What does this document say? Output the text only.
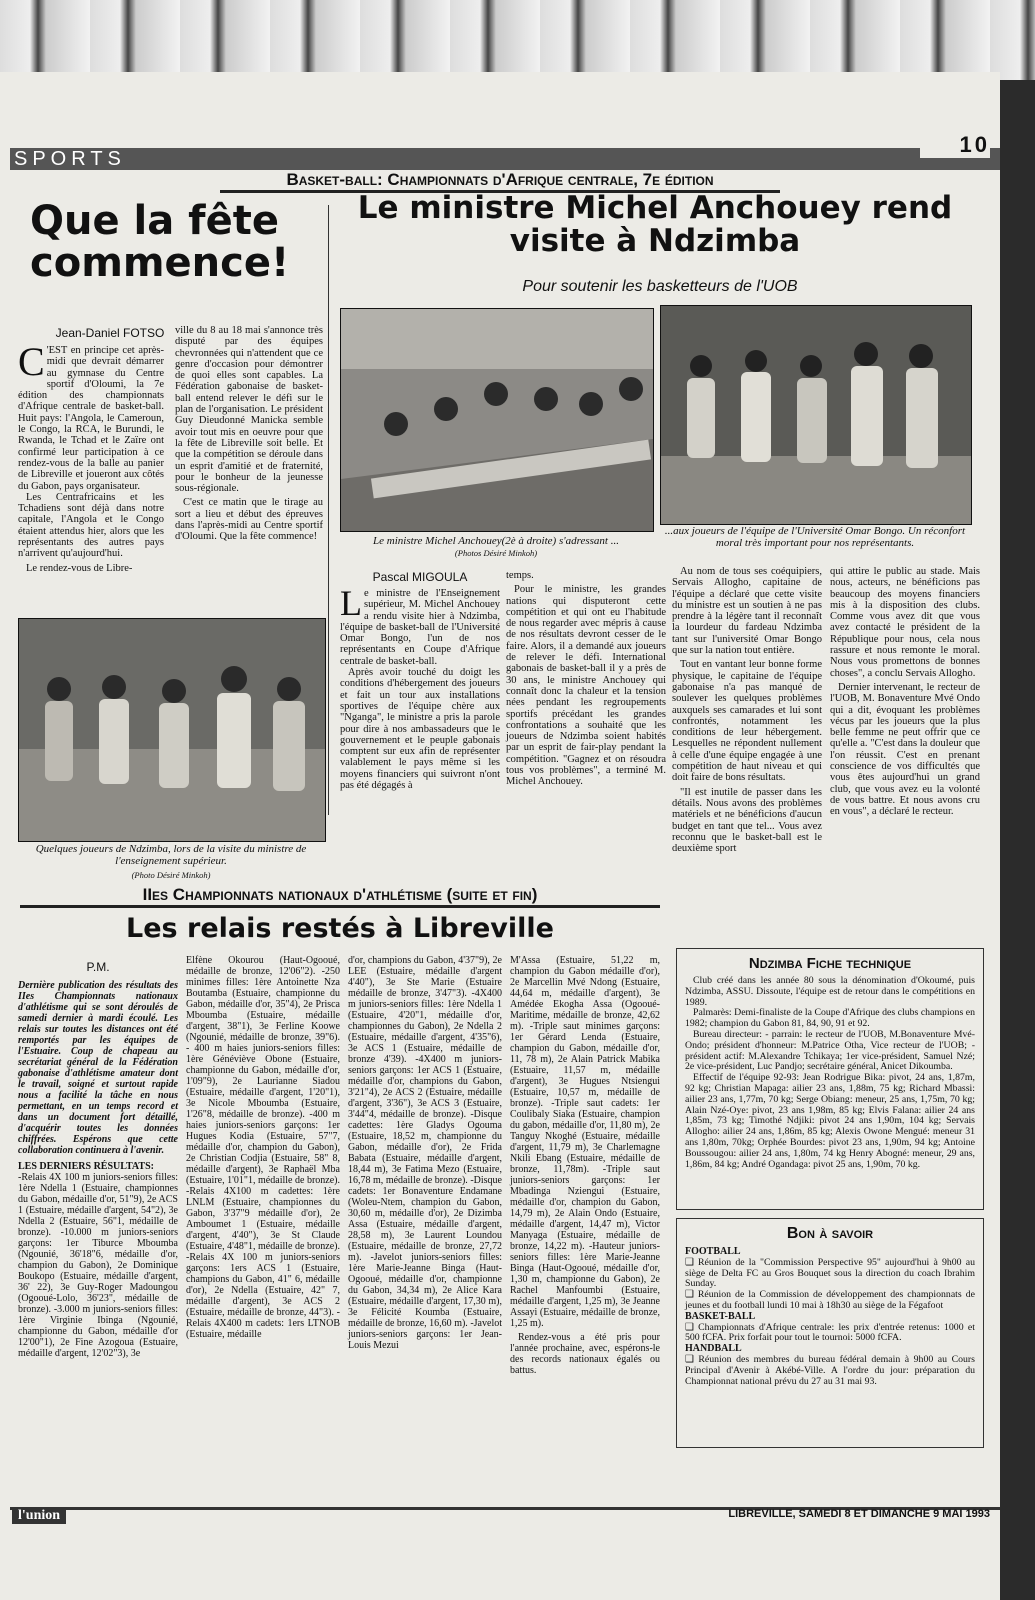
SPORTS
10
Basket-ball: Championnats d'Afrique centrale, 7e édition
Que la fête commence!
Jean-Daniel FOTSO
C 'EST en principe cet après-midi que devrait démarrer au gymnase du Centre sportif d'Oloumi, la 7e édition des championnats d'Afrique centrale de basket-ball. Huit pays: l'Angola, le Cameroun, le Congo, la RCA, le Burundi, le Rwanda, le Tchad et le Zaïre ont confirmé leur participation à ce rendez-vous de la balle au panier de Libreville et joueront aux côtés du Gabon, pays organisateur.

Les Centrafricains et les Tchadiens sont déjà dans notre capitale, l'Angola et le Congo étaient attendus hier, alors que les représentants des autres pays n'arrivent qu'aujourd'hui.

Le rendez-vous de Libre-

ville du 8 au 18 mai s'annonce très disputé par des équipes chevronnées qui n'attendent que ce genre d'occasion pour démontrer de quoi elles sont capables. La Fédération gabonaise de basket-ball entend relever le défi sur le plan de l'organisation. Le président Guy Dieudonné Manicka semble avoir tout mis en oeuvre pour que la fête de Libreville soit belle. Et que la compétition se déroule dans un esprit d'amitié et de fraternité, pour le bonheur de la jeunesse sous-régionale.

C'est ce matin que le tirage au sort a lieu et début des épreuves dans l'après-midi au Centre sportif d'Oloumi. Que la fête commence!

Quelques joueurs de Ndzimba, lors de la visite du ministre de l'enseignement supérieur.
(Photo Désiré Minkoh)
Le ministre Michel Anchouey rend visite à Ndzimba
Pour soutenir les basketteurs de l'UOB
Le ministre Michel Anchouey(2è à droite) s'adressant ...
(Photos Désiré Minkoh)
...aux joueurs de l'équipe de l'Université Omar Bongo. Un réconfort moral très important pour nos représentants.
Pascal MIGOULA
L e ministre de l'Enseignement supérieur, M. Michel Anchouey a rendu visite hier à Ndzimba, l'équipe de basket-ball de l'Université Omar Bongo, l'un de nos représentants en Coupe d'Afrique centrale de basket-ball.

Après avoir touché du doigt les conditions d'hébergement des joueurs et fait un tour aux installations sportives de l'équipe chère aux "Nganga", le ministre a pris la parole pour dire à nos ambassadeurs que le gouvernement et le peuple gabonais comptent sur eux afin de représenter valablement le pays même si les moyens financiers qui suivront n'ont pas été dégagés à

temps.

Pour le ministre, les grandes nations qui disputeront cette compétition et qui ont eu l'habitude de nous regarder avec mépris à cause de nos résultats devront cesser de le faire. Alors, il a demandé aux joueurs de relever le défi. International gabonais de basket-ball il y a près de 30 ans, le ministre Anchouey qui connaît donc la chaleur et la tension nées pendant les regroupements sportifs précédant les grandes confrontations a souhaité que les joueurs de Ndzimba soient habités par un esprit de fair-play pendant la compétition. "Gagnez et on résoudra tous vos problèmes", a terminé M. Michel Anchouey.

Au nom de tous ses coéquipiers, Servais Allogho, capitaine de l'équipe a déclaré que cette visite du ministre est un soutien à ne pas prendre à la légère tant il reconnaît la lourdeur du fardeau Ndzimba tant sur l'université Omar Bongo que sur la nation tout entière.

Tout en vantant leur bonne forme physique, le capitaine de l'équipe gabonaise n'a pas manqué de soulever les quelques problèmes auxquels ses camarades et lui sont confrontés, notamment les conditions de leur hébergement. Lesquelles ne répondent nullement à celle d'une équipe engagée à une compétition de haut niveau et qui doit faire de bons résultats.

"Il est inutile de passer dans les détails. Nous avons des problèmes matériels et ne bénéficions d'aucun budget en tant que tel... Vous avez reconnu que le basket-ball est le deuxième sport

qui attire le public au stade. Mais nous, acteurs, ne bénéficions pas beaucoup des moyens financiers mis à la disposition des clubs. Comme vous avez dit que vous avez contacté le président de la République pour nous, cela nous rassure et nous remonte le moral. Nous vous promettons de bonnes choses", a conclu Servais Allogho.

Dernier intervenant, le recteur de l'UOB, M. Bonaventure Mvé Ondo qui a dit, évoquant les problèmes vécus par les joueurs que la plus belle femme ne peut offrir que ce qu'elle a. "C'est dans la douleur que l'on réussit. C'est en prenant conscience de vos difficultés que vous êtes aujourd'hui un grand club, que vous avez eu la volonté de vous battre. Et nous avons cru en vous", a déclaré le recteur.

IIes Championnats nationaux d'athlétisme (suite et fin)
Les relais restés à Libreville
P.M.
Dernière publication des résultats des IIes Championnats nationaux d'athlétisme qui se sont déroulés de samedi dernier à mardi écoulé. Les relais sur toutes les distances ont été remportés par les équipes de l'Estuaire. Coup de chapeau au secrétariat général de la Fédération gabonaise d'athlétisme amateur dont le travail, soigné et surtout rapide nous a facilité la tâche en nous permettant, en un temps record et dans un document fort détaillé, d'acquérir toutes les données chiffrées. Espérons que cette collaboration continuera à l'avenir.
LES DERNIERS RÉSULTATS:
-Relais 4X 100 m juniors-seniors filles: 1ère Ndella 1 (Estuaire, championnes du Gabon, médaille d'or, 51"9), 2e ACS 1 (Estuaire, médaille d'argent, 54"2), 3e Ndella 2 (Estuaire, 56"1, médaille de bronze). -10.000 m juniors-seniors garçons: 1er Tiburce Mboumba (Ngounié, 36'18"6, médaille d'or, champion du Gabon), 2e Dominique Boukopo (Estuaire, médaille d'argent, 36' 22), 3e Guy-Roger Madoungou (Ogooué-Lolo, 36'23", médaille de bronze). -3.000 m juniors-seniors filles: 1ère Virginie Ibinga (Ngounié, championne du Gabon, médaille d'or 12'00"1), 2e Fine Azogoua (Estuaire, médaille d'argent, 12'02"3), 3e
Elfène Okourou (Haut-Ogooué, médaille de bronze, 12'06"2). -250 minimes filles: 1ère Antoinette Nza Boutamba (Estuaire, championne du Gabon, médaille d'or, 35"4), 2e Prisca Mboumba (Estuaire, médaille d'argent, 38"1), 3e Ferline Koowe (Ngounié, médaille de bronze, 39"6). - 400 m haies juniors-seniors filles: 1ère Généviève Obone (Estuaire, championne du Gabon, médaille d'or, 1'09"9), 2e Laurianne Siadou (Estuaire, médaille d'argent, 1'20"1), 3e Nicole Mboumba (Estuaire, 1'26"8, médaille de bronze). -400 m haies juniors-seniors garçons: 1er Hugues Kodia (Estuaire, 57"7, médaille d'or, champion du Gabon), 2e Christian Codjia (Estuaire, 58" 8, médaille d'argent), 3e Raphaël Mba (Estuaire, 1'01"1, médaille de bronze). -Relais 4X100 m cadettes: 1ère LNLM (Estuaire, championnes du Gabon, 3'37"9 médaille d'or), 2e Amboumet 1 (Estuaire, médaille d'argent, 4'40"), 3e St Claude (Estuaire, 4'48"1, médaille de bronze). -Relais 4X 100 m juniors-seniors garçons: 1ers ACS 1 (Estuaire, champions du Gabon, 41" 6, médaille d'or), 2e Ndella (Estuaire, 42" 7, médaille d'argent), 3e ACS 2 (Estuaire, médaille de bronze, 44"3). -Relais 4X400 m cadets: 1ers LTNOB (Estuaire, médaille
d'or, champions du Gabon, 4'37"9), 2e LEE (Estuaire, médaille d'argent 4'40"), 3e Ste Marie (Estuaire médaille de bronze, 3'47"3). -4X400 m juniors-seniors filles: 1ère Ndella 1 (Estuaire, 4'20"1, médaille d'or, championnes du Gabon), 2e Ndella 2 (Estuaire, médaille d'argent, 4'35"6), 3e ACS 1 (Estuaire, médaille de bronze 4'39). -4X400 m juniors-seniors garçons: 1er ACS 1 (Estuaire, médaille d'or, champions du Gabon, 3'21"4), 2e ACS 2 (Estuaire, médaille d'argent, 3'36"), 3e ACS 3 (Estuaire, 3'44"4, médaille de bronze). -Disque cadettes: 1ère Gladys Ogouma (Estuaire, 18,52 m, championne du Gabon, médaille d'or), 2e Frida Babata (Estuaire, médaille d'argent, 18,44 m), 3e Fatima Mezo (Estuaire, 16,78 m, médaille de bronze). -Disque cadets: 1er Bonaventure Endamane (Woleu-Ntem, champion du Gabon, 30,60 m, médaille d'or), 2e Dizimba Assa (Estuaire, médaille d'argent, 28,58 m), 3e Laurent Loundou (Estuaire, médaille de bronze, 27,72 m). -Javelot juniors-seniors filles: 1ère Marie-Jeanne Binga (Haut-Ogooué, médaille d'or, championne du Gabon, 34,34 m), 2e Alice Kara (Estuaire, médaille d'argent, 17,30 m), 3e Félicité Koumba (Estuaire, médaille de bronze, 16,60 m). -Javelot juniors-seniors garçons: 1er Jean-Louis Mezui
M'Assa (Estuaire, 51,22 m, champion du Gabon médaille d'or), 2e Marcellin Mvé Ndong (Estuaire, 44,64 m, médaille d'argent), 3e Amédée Ekogha Assa (Ogooué-Maritime, médaille de bronze, 42,62 m). -Triple saut minimes garçons: 1er Gérard Lenda (Estuaire, champion du Gabon, médaille d'or, 11, 78 m), 2e Alain Patrick Mabika (Estuaire, 11,57 m, médaille d'argent), 3e Hugues Ntsiengui (Estuaire, 10,57 m, médaille de bronze). -Triple saut cadets: 1er Coulibaly Siaka (Estuaire, champion du gabon, médaille d'or, 11,80 m), 2e Tanguy Nkoghé (Estuaire, médaille d'argent, 11,79 m), 3e Charlemagne Nkili Ebang (Estuaire, médaille de bronze, 11,78m). -Triple saut juniors-seniors garçons: 1er Mbadinga Nziengui (Estuaire, médaille d'or, champion du Gabon, 14,79 m), 2e Alain Ondo (Estuaire, médaille d'argent, 14,47 m), Victor Manyaga (Estuaire, médaille de bronze, 14,22 m). -Hauteur juniors-seniors filles: 1ère Marie-Jeanne Binga (Haut-Ogooué, médaille d'or, 1,30 m, championne du Gabon), 2e Rachel Manfoumbi (Estuaire, médaille d'argent, 1,25 m), 3e Jeanne Assayi (Estuaire, médaille de bronze, 1,25 m).
Rendez-vous a été pris pour l'année prochaine, avec, espérons-le des records nationaux égalés ou battus.
Ndzimba Fiche technique

Club créé dans les année 80 sous la dénomination d'Okoumé, puis Ndzimba, ASSU. Dissoute, l'équipe est de retour dans le compétitions en 1989.

Palmarès: Demi-finaliste de la Coupe d'Afrique des clubs champions en 1982; champion du Gabon 81, 84, 90, 91 et 92.

Bureau directeur: - parrain: le recteur de l'UOB, M.Bonaventure Mvé-Ondo; président d'honneur: M.Patrice Otha, Vice recteur de l'UOB; - président actif: M.Alexandre Tchikaya; 1er vice-président, Samuel Nzé; 2e vice-président, Luc Pandjo; secrétaire général, Anicet Dikoumba.

Effectif de l'équipe 92-93: Jean Rodrigue Bika: pivot, 24 ans, 1,87m, 92 kg; Christian Mapaga: ailier 23 ans, 1,88m, 75 kg; Richard Mbassi: ailier 23 ans, 1,77m, 70 kg; Serge Obiang: meneur, 25 ans, 1,75m, 70 kg; Alain Nzé-Oye: pivot, 23 ans 1,98m, 85 kg; Elvis Falana: ailier 24 ans 1,85m, 73 kg; Timothé Ndjiki: pivot 24 ans 1,90m, 104 kg; Servais Allogho: ailier 24 ans, 1,86m, 85 kg; Alexis Owone Mengué: meneur 31 ans 1,80m, 70kg; Orphée Bourdes: pivot 23 ans, 1,90m, 94 kg; Antoine Boussougou: ailier 24 ans, 1,80m, 74 kg Henry Abogné: meneur, 29 ans, 1,86m, 84 kg; André Ogandaga: pivot 25 ans, 1,90m, 70 kg.

Bon à savoir

FOOTBALL

❑ Réunion de la "Commission Perspective 95" aujourd'hui à 9h00 au siège de Delta FC au Gros Bouquet sous la direction du coach Ibrahim Sunday.

❑ Réunion de la Commission de développement des championnats de jeunes et du football lundi 10 mai à 18h30 au siège de la Fégafoot

BASKET-BALL

❑ Championnats d'Afrique centrale: les prix d'entrée retenus: 1000 et 500 fCFA. Prix forfait pour tout le tournoi: 5000 fCFA.

HANDBALL

❑ Réunion des membres du bureau fédéral demain à 9h00 au Cours Principal d'Avenir à Akébé-Ville. A l'ordre du jour: préparation du Championnat national prévu du 27 au 31 mai 93.

l'union	LIBREVILLE, SAMEDI 8 ET DIMANCHE 9 MAI 1993
